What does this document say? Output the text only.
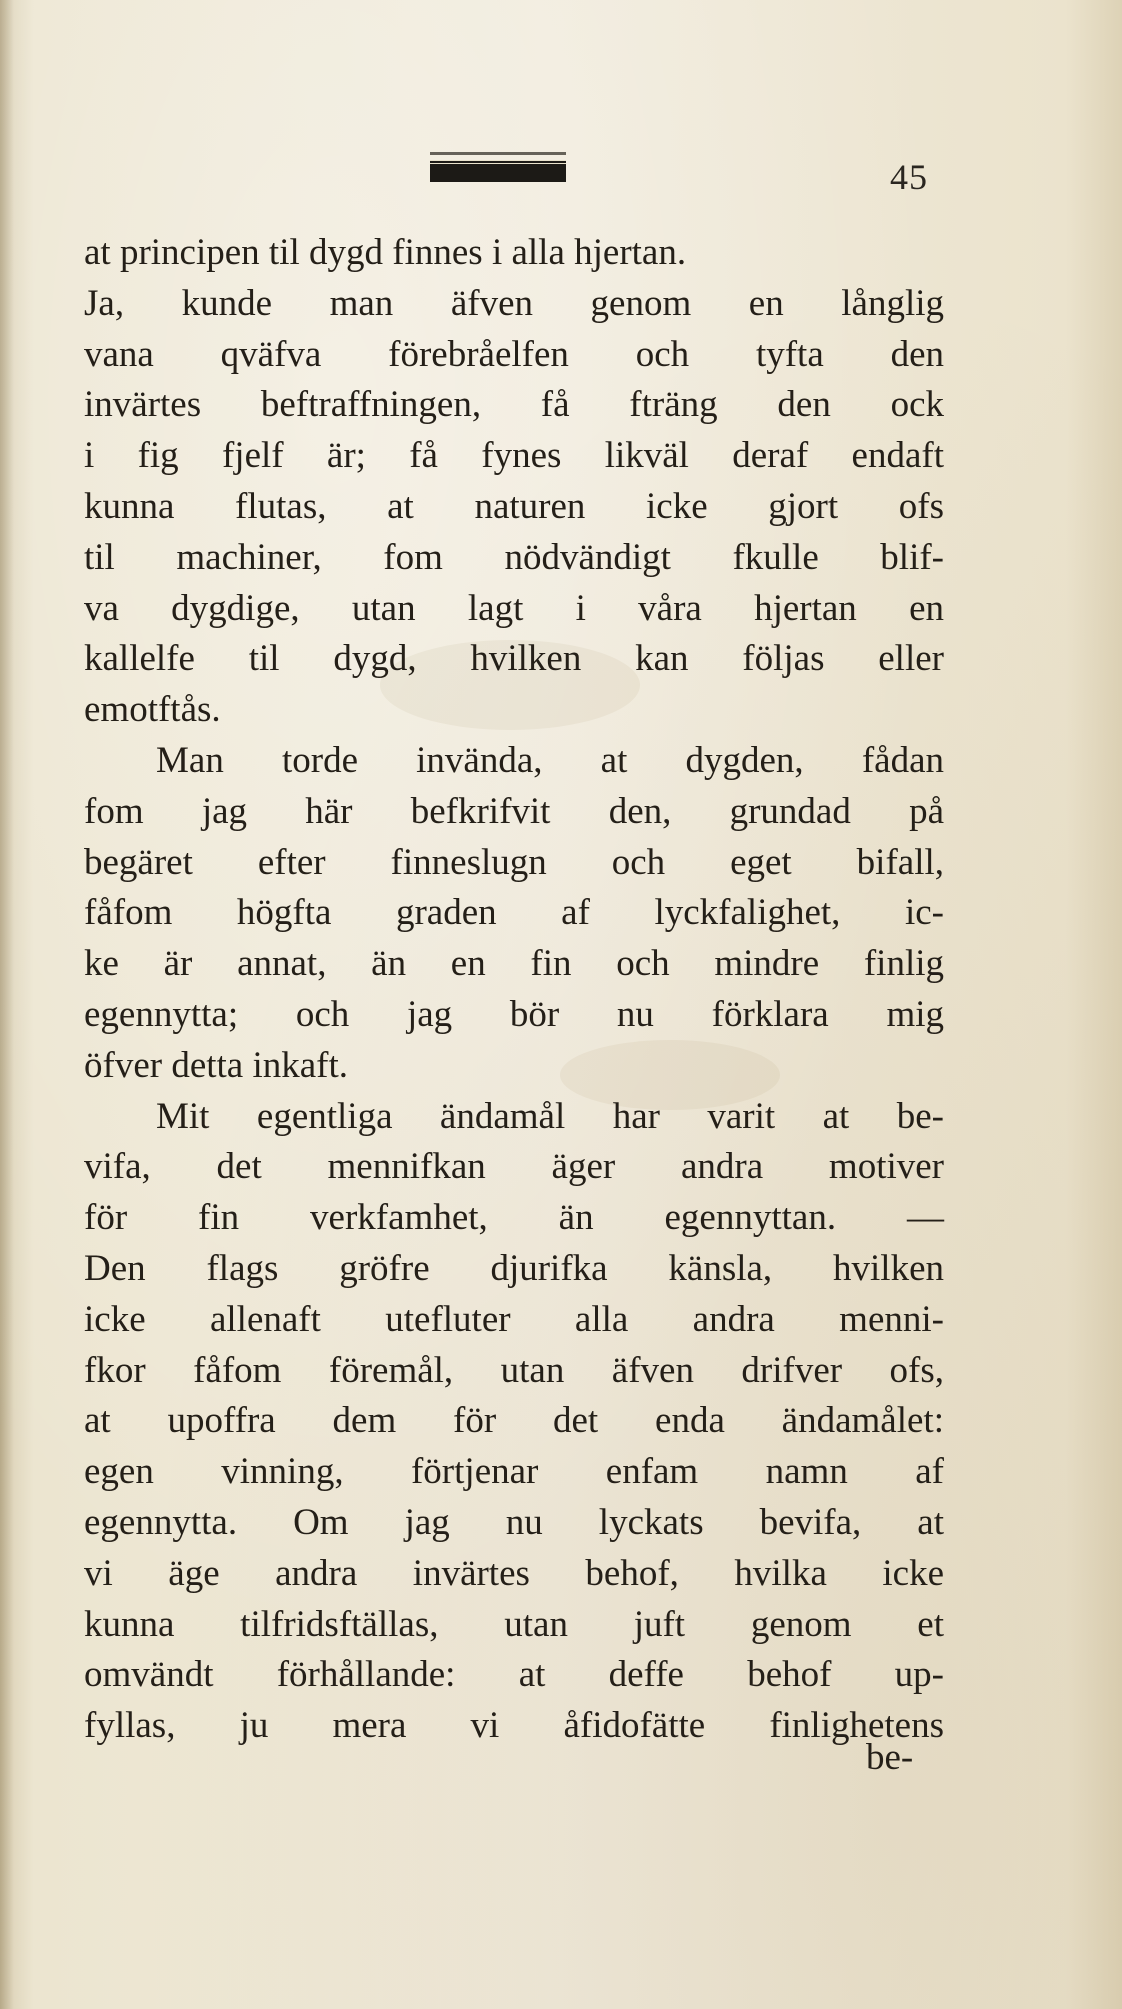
45
at principen til dygd finnes i alla hjertan.
Ja, kunde man äfven genom en långlig
vana qväfva förebråelfen och tyfta den
invärtes beftraffningen, få fträng den ock
i fig fjelf är; få fynes likväl deraf endaft
kunna flutas, at naturen icke gjort ofs
til machiner, fom nödvändigt fkulle blif-
va dygdige, utan lagt i våra hjertan en
kallelfe til dygd, hvilken kan följas eller
emotftås.
Man torde invända, at dygden, fådan
fom jag här befkrifvit den, grundad på
begäret efter finneslugn och eget bifall,
fåfom högfta graden af lyckfalighet, ic-
ke är annat, än en fin och mindre finlig
egennytta; och jag bör nu förklara mig
öfver detta inkaft.
Mit egentliga ändamål har varit at be-
vifa, det mennifkan äger andra motiver
för fin verkfamhet, än egennyttan. —
Den flags gröfre djurifka känsla, hvilken
icke allenaft utefluter alla andra menni-
fkor fåfom föremål, utan äfven drifver ofs,
at upoffra dem för det enda ändamålet:
egen vinning, förtjenar enfam namn af
egennytta. Om jag nu lyckats bevifa, at
vi äge andra invärtes behof, hvilka icke
kunna tilfridsftällas, utan juft genom et
omvändt förhållande: at deffe behof up-
fyllas, ju mera vi åfidofätte finlighetens
be-
